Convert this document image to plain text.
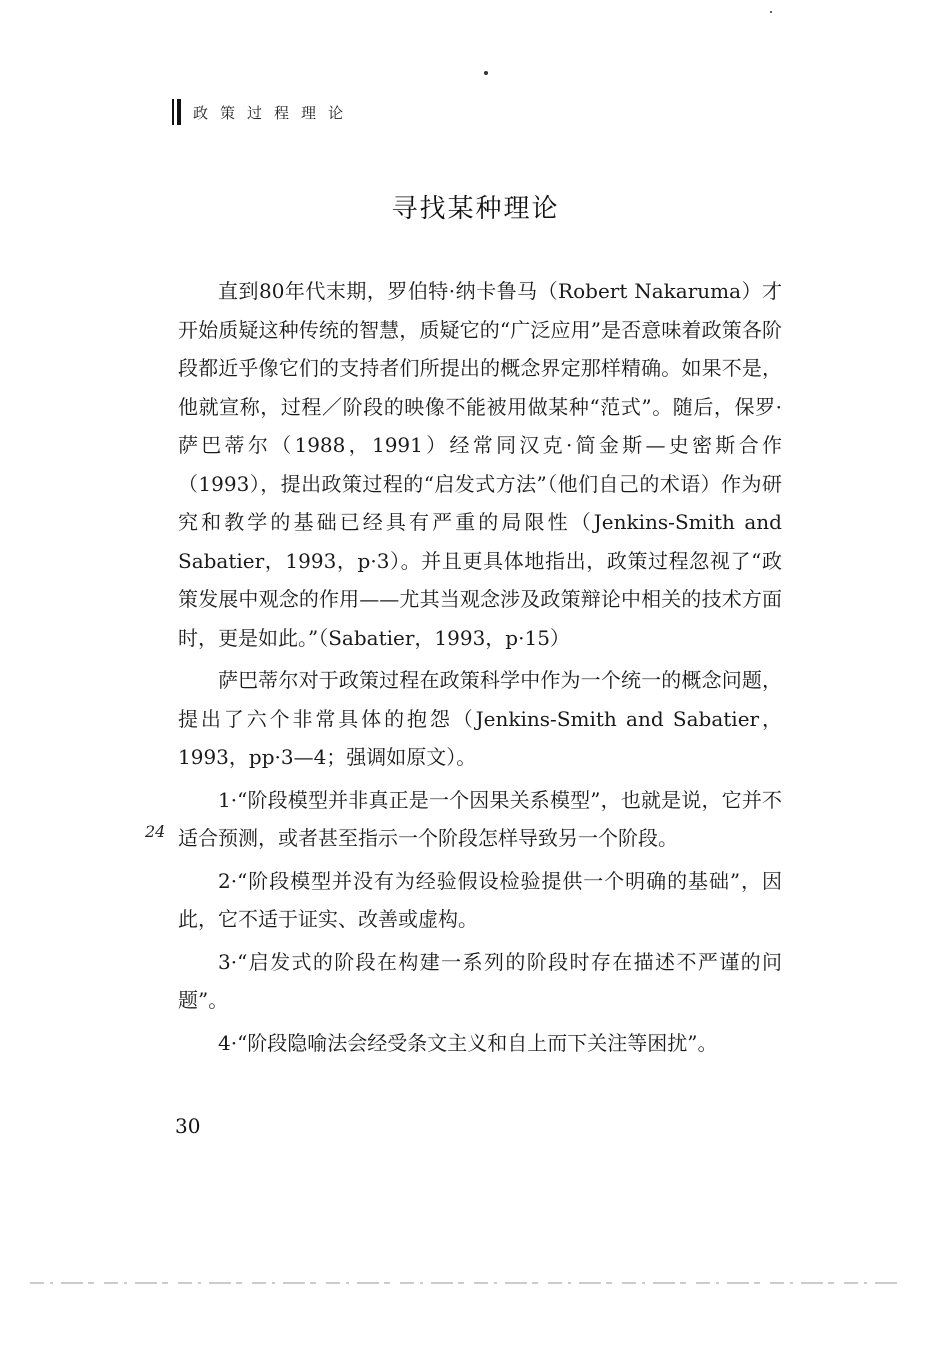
政策过程理论
寻找某种理论

直到80年代末期，罗伯特·纳卡鲁马（Robert Nakaruma）才开始质疑这种传统的智慧，质疑它的“广泛应用”是否意味着政策各阶段都近乎像它们的支持者们所提出的概念界定那样精确。如果不是，他就宣称，过程／阶段的映像不能被用做某种“范式”。随后，保罗·萨巴蒂尔（1988，1991）经常同汉克·简金斯—史密斯合作（1993），提出政策过程的“启发式方法”（他们自己的术语）作为研究和教学的基础已经具有严重的局限性（Jenkins-Smith and Sabatier，1993，p·3）。并且更具体地指出，政策过程忽视了“政策发展中观念的作用——尤其当观念涉及政策辩论中相关的技术方面时，更是如此。”（Sabatier，1993，p·15）

萨巴蒂尔对于政策过程在政策科学中作为一个统一的概念问题，提出了六个非常具体的抱怨（Jenkins-Smith and Sabatier，1993，pp·3—4；强调如原文）。

1·“阶段模型并非真正是一个因果关系模型”，也就是说，它并不适合预测，或者甚至指示一个阶段怎样导致另一个阶段。

2·“阶段模型并没有为经验假设检验提供一个明确的基础”，因此，它不适于证实、改善或虚构。

3·“启发式的阶段在构建一系列的阶段时存在描述不严谨的问题”。

4·“阶段隐喻法会经受条文主义和自上而下关注等困扰”。

24
30
